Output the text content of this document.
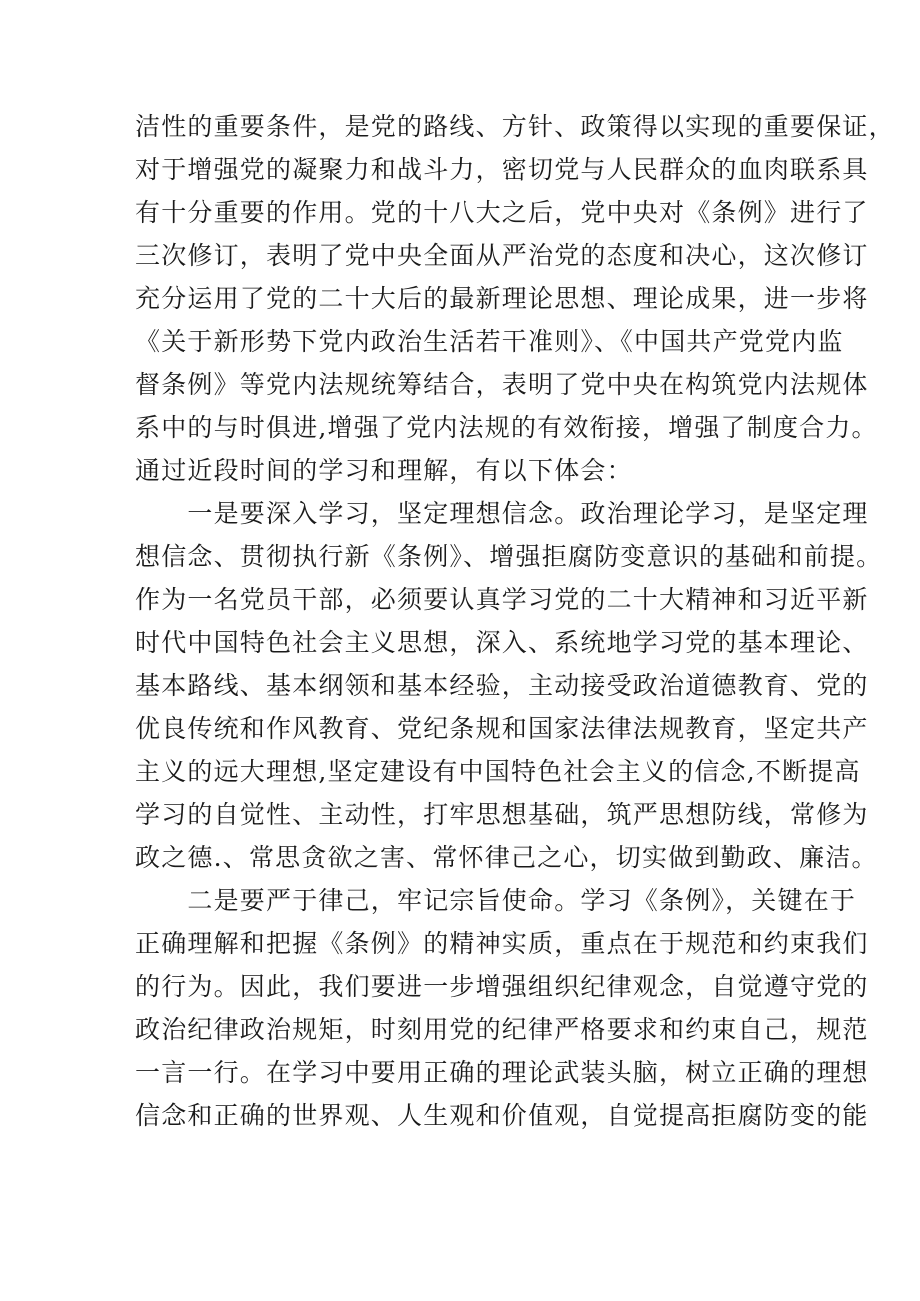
洁性的重要条件，是党的路线、方针、政策得以实现的重要保证，
对于增强党的凝聚力和战斗力，密切党与人民群众的血肉联系具
有十分重要的作用。党的十八大之后，党中央对《条例》进行了
三次修订，表明了党中央全面从严治党的态度和决心，这次修订
充分运用了党的二十大后的最新理论思想、理论成果，进一步将
《关于新形势下党内政治生活若干准则》、《中国共产党党内监
督条例》等党内法规统筹结合，表明了党中央在构筑党内法规体
系中的与时俱进,增强了党内法规的有效衔接，增强了制度合力。
通过近段时间的学习和理解，有以下体会：
　　一是要深入学习，坚定理想信念。政治理论学习，是坚定理
想信念、贯彻执行新《条例》、增强拒腐防变意识的基础和前提。
作为一名党员干部，必须要认真学习党的二十大精神和习近平新
时代中国特色社会主义思想，深入、系统地学习党的基本理论、
基本路线、基本纲领和基本经验，主动接受政治道德教育、党的
优良传统和作风教育、党纪条规和国家法律法规教育，坚定共产
主义的远大理想,坚定建设有中国特色社会主义的信念,不断提高
学习的自觉性、主动性，打牢思想基础，筑严思想防线，常修为
政之德.、常思贪欲之害、常怀律己之心，切实做到勤政、廉洁。
　　二是要严于律己，牢记宗旨使命。学习《条例》，关键在于
正确理解和把握《条例》的精神实质，重点在于规范和约束我们
的行为。因此，我们要进一步增强组织纪律观念，自觉遵守党的
政治纪律政治规矩，时刻用党的纪律严格要求和约束自己，规范
一言一行。在学习中要用正确的理论武装头脑，树立正确的理想
信念和正确的世界观、人生观和价值观，自觉提高拒腐防变的能
